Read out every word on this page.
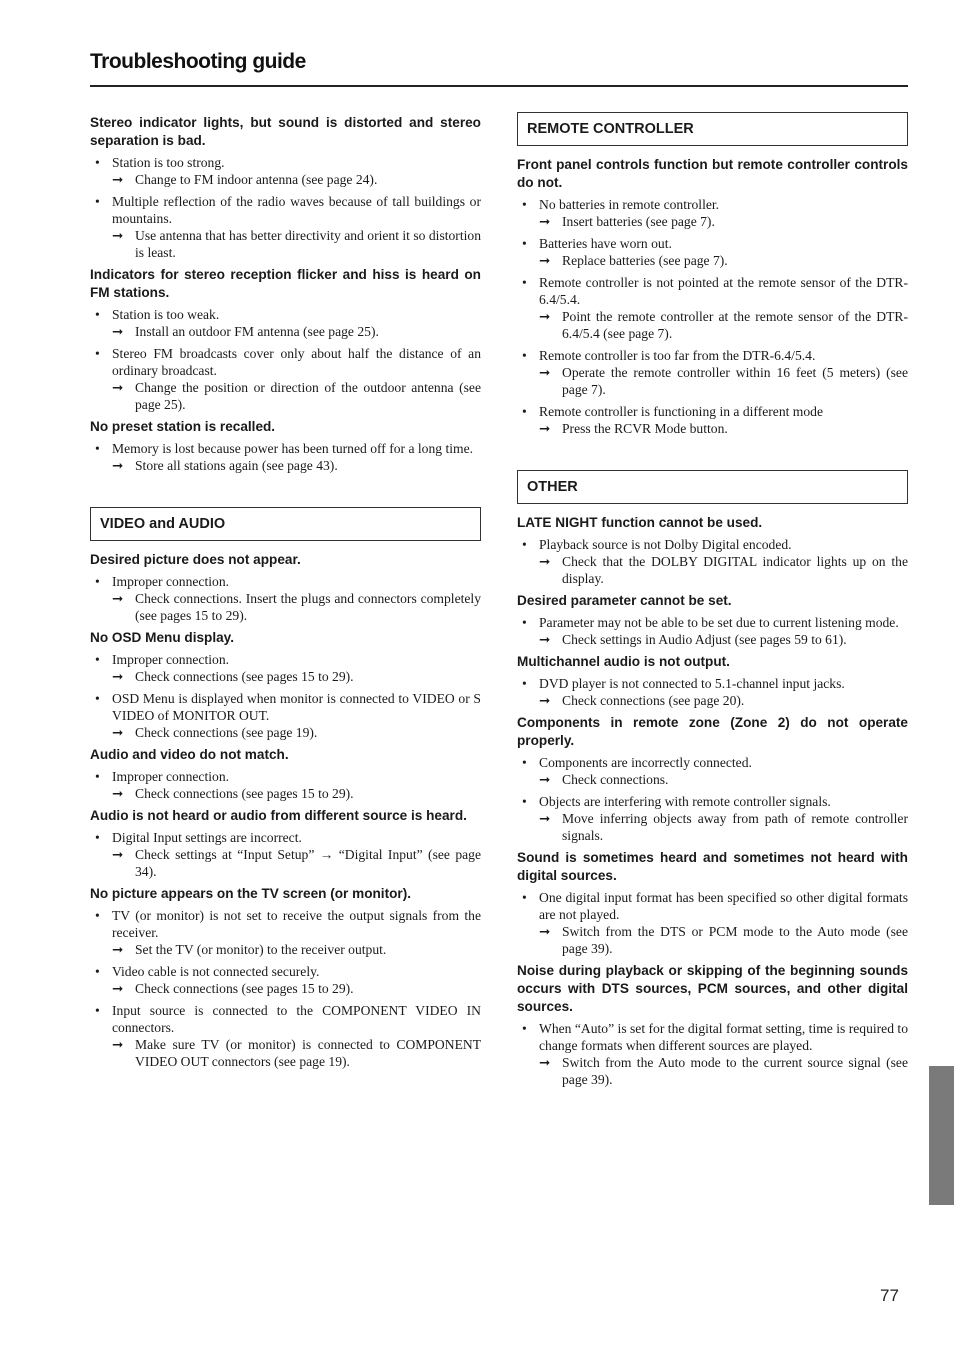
Troubleshooting guide
Stereo indicator lights, but sound is distorted and stereo separation is bad.
• Station is too strong.
➞ Change to FM indoor antenna (see page 24).
• Multiple reflection of the radio waves because of tall buildings or mountains.
➞ Use antenna that has better directivity and orient it so distortion is least.
Indicators for stereo reception flicker and hiss is heard on FM stations.
• Station is too weak.
➞ Install an outdoor FM antenna (see page 25).
• Stereo FM broadcasts cover only about half the distance of an ordinary broadcast.
➞ Change the position or direction of the outdoor antenna (see page 25).
No preset station is recalled.
• Memory is lost because power has been turned off for a long time.
➞ Store all stations again (see page 43).
VIDEO and AUDIO
Desired picture does not appear.
• Improper connection.
➞ Check connections. Insert the plugs and connectors completely (see pages 15 to 29).
No OSD Menu display.
• Improper connection.
➞ Check connections (see pages 15 to 29).
• OSD Menu is displayed when monitor is connected to VIDEO or S VIDEO of MONITOR OUT.
➞ Check connections (see page 19).
Audio and video do not match.
• Improper connection.
➞ Check connections (see pages 15 to 29).
Audio is not heard or audio from different source is heard.
• Digital Input settings are incorrect.
➞ Check settings at “Input Setup” → “Digital Input” (see page 34).
No picture appears on the TV screen (or monitor).
• TV (or monitor) is not set to receive the output signals from the receiver.
➞ Set the TV (or monitor) to the receiver output.
• Video cable is not connected securely.
➞ Check connections (see pages 15 to 29).
• Input source is connected to the COMPONENT VIDEO IN connectors.
➞ Make sure TV (or monitor) is connected to COMPONENT VIDEO OUT connectors (see page 19).
REMOTE CONTROLLER
Front panel controls function but remote controller controls do not.
• No batteries in remote controller.
➞ Insert batteries (see page 7).
• Batteries have worn out.
➞ Replace batteries (see page 7).
• Remote controller is not pointed at the remote sensor of the DTR-6.4/5.4.
➞ Point the remote controller at the remote sensor of the DTR-6.4/5.4 (see page 7).
• Remote controller is too far from the DTR-6.4/5.4.
➞ Operate the remote controller within 16 feet (5 meters) (see page 7).
• Remote controller is functioning in a different mode
➞ Press the RCVR Mode button.
OTHER
LATE NIGHT function cannot be used.
• Playback source is not Dolby Digital encoded.
➞ Check that the DOLBY DIGITAL indicator lights up on the display.
Desired parameter cannot be set.
• Parameter may not be able to be set due to current listening mode.
➞ Check settings in Audio Adjust (see pages 59 to 61).
Multichannel audio is not output.
• DVD player is not connected to 5.1-channel input jacks.
➞ Check connections (see page 20).
Components in remote zone (Zone 2) do not operate properly.
• Components are incorrectly connected.
➞ Check connections.
• Objects are interfering with remote controller signals.
➞ Move inferring objects away from path of remote controller signals.
Sound is sometimes heard and sometimes not heard with digital sources.
• One digital input format has been specified so other digital formats are not played.
➞ Switch from the DTS or PCM mode to the Auto mode (see page 39).
Noise during playback or skipping of the beginning sounds occurs with DTS sources, PCM sources, and other digital sources.
• When “Auto” is set for the digital format setting, time is required to change formats when different sources are played.
➞ Switch from the Auto mode to the current source signal (see page 39).
77
